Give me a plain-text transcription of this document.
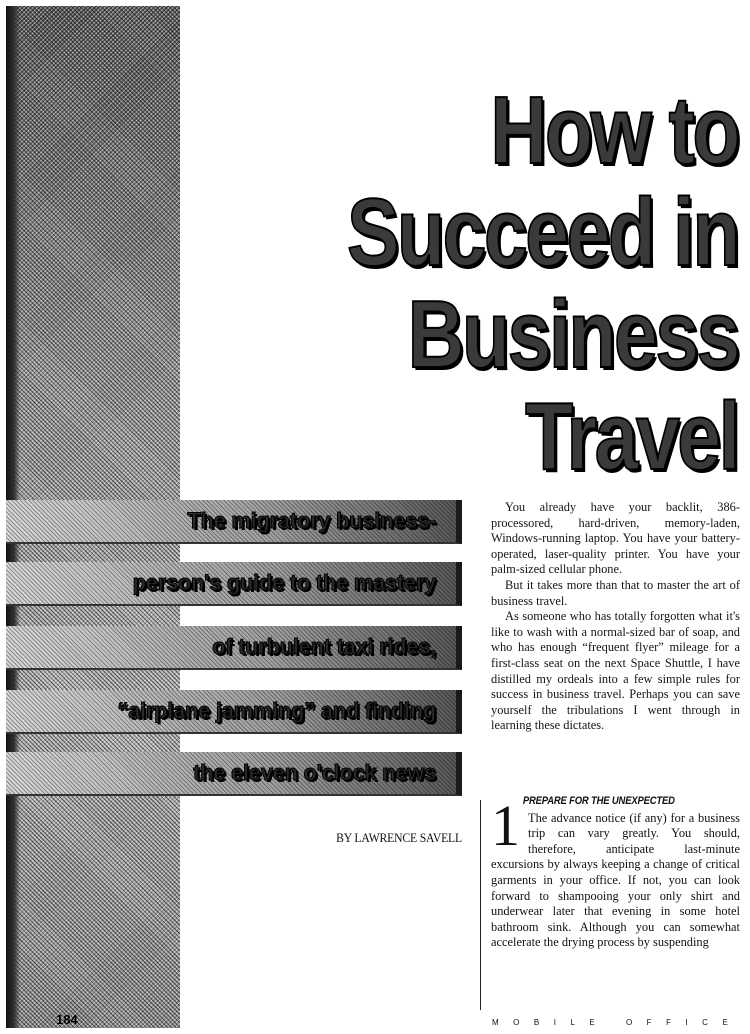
How to
Succeed in
Business Travel
The migratory business-
person's guide to the mastery
of turbulent taxi rides,
“airplane jamming” and finding
the eleven o'clock news
BY LAWRENCE SAVELL

You already have your backlit, 386-processored, hard-driven, memory-laden, Windows-running laptop. You have your battery-operated, laser-quality printer. You have your palm-sized cellular phone.

But it takes more than that to master the art of business travel.

As someone who has totally forgotten what it's like to wash with a normal-sized bar of soap, and who has enough “frequent flyer” mileage for a first-class seat on the next Space Shuttle, I have distilled my ordeals into a few simple rules for success in business travel. Perhaps you can save yourself the tribulations I went through in learning these dictates.

1 PREPARE FOR THE UNEXPECTED
The advance notice (if any) for a business trip can vary greatly. You should, therefore, anticipate last-minute excursions by always keeping a change of critical garments in your office. If not, you can look forward to shampooing your only shirt and underwear later that evening in some hotel bathroom sink. Although you can somewhat accelerate the drying process by suspending
184	MOBILE OFFICE
